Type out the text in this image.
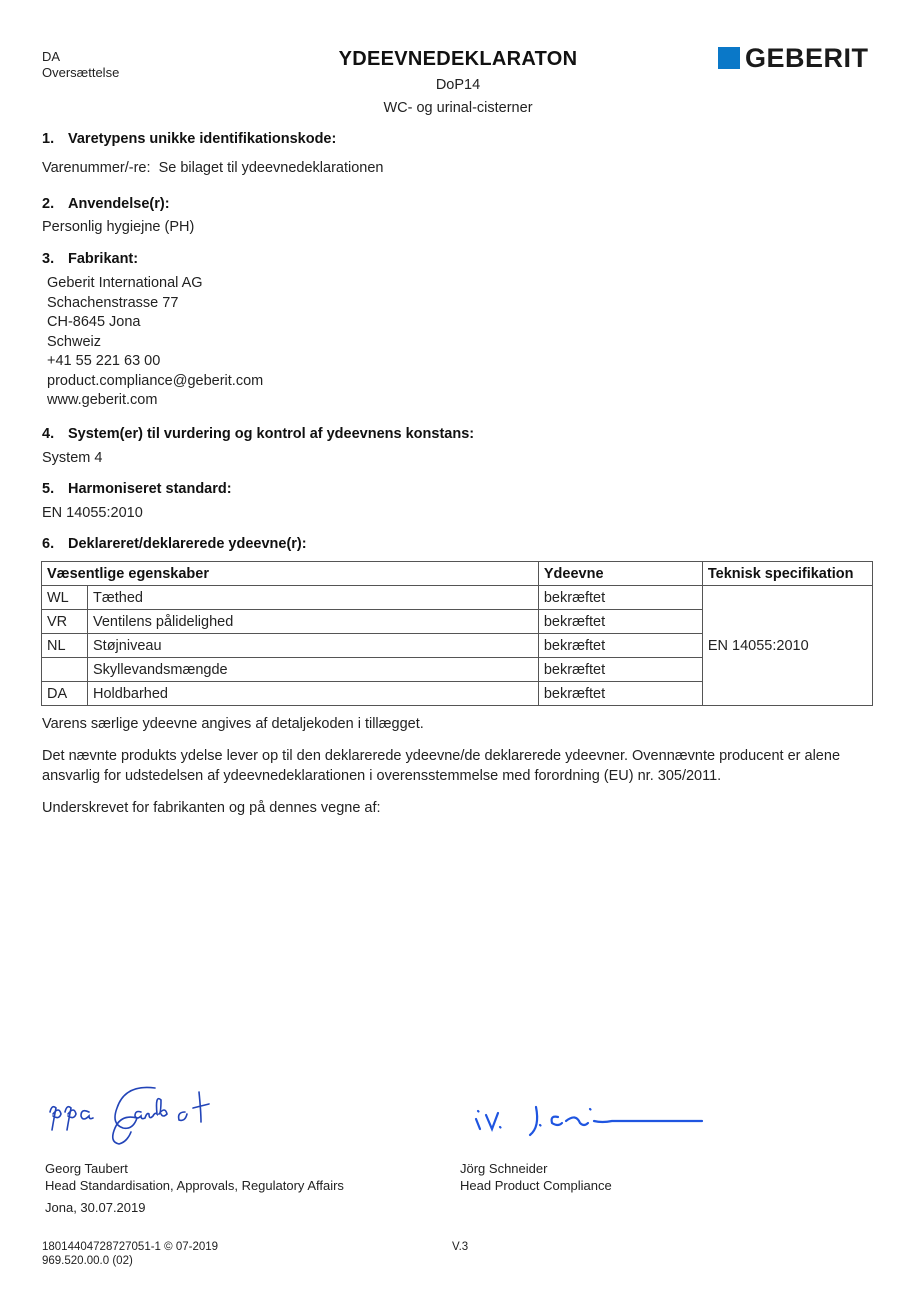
DA
Oversættelse
YDEEVNEDEKLARATON
DoP14
WC- og urinal-cisterner
GEBERIT
1. Varetypens unikke identifikationskode:
Varenummer/-re: Se bilaget til ydeevnedeklarationen
2. Anvendelse(r):
Personlig hygiejne (PH)
3. Fabrikant:
Geberit International AG
Schachenstrasse 77
CH-8645 Jona
Schweiz
+41 55 221 63 00
product.compliance@geberit.com
www.geberit.com
4. System(er) til vurdering og kontrol af ydeevnens konstans:
System 4
5. Harmoniseret standard:
EN 14055:2010
6. Deklareret/deklarerede ydeevne(r):
Væsentlige egenskaber		Ydeevne	Teknisk specifikation
WL	Tæthed	bekræftet	EN 14055:2010
VR	Ventilens pålidelighed	bekræftet	
NL	Støjniveau	bekræftet	
	Skyllevandsmængde	bekræftet	
DA	Holdbarhed	bekræftet	
Varens særlige ydeevne angives af detaljekoden i tillægget.
Det nævnte produkts ydelse lever op til den deklarerede ydeevne/de deklarerede ydeevner. Ovennævnte producent er alene
ansvarlig for udstedelsen af ydeevnedeklarationen i overensstemmelse med forordning (EU) nr. 305/2011.
Underskrevet for fabrikanten og på dennes vegne af:
Georg Taubert
Head Standardisation, Approvals, Regulatory Affairs
Jona, 30.07.2019
Jörg Schneider
Head Product Compliance
18014404728727051-1 © 07-2019
969.520.00.0 (02)
V.3
